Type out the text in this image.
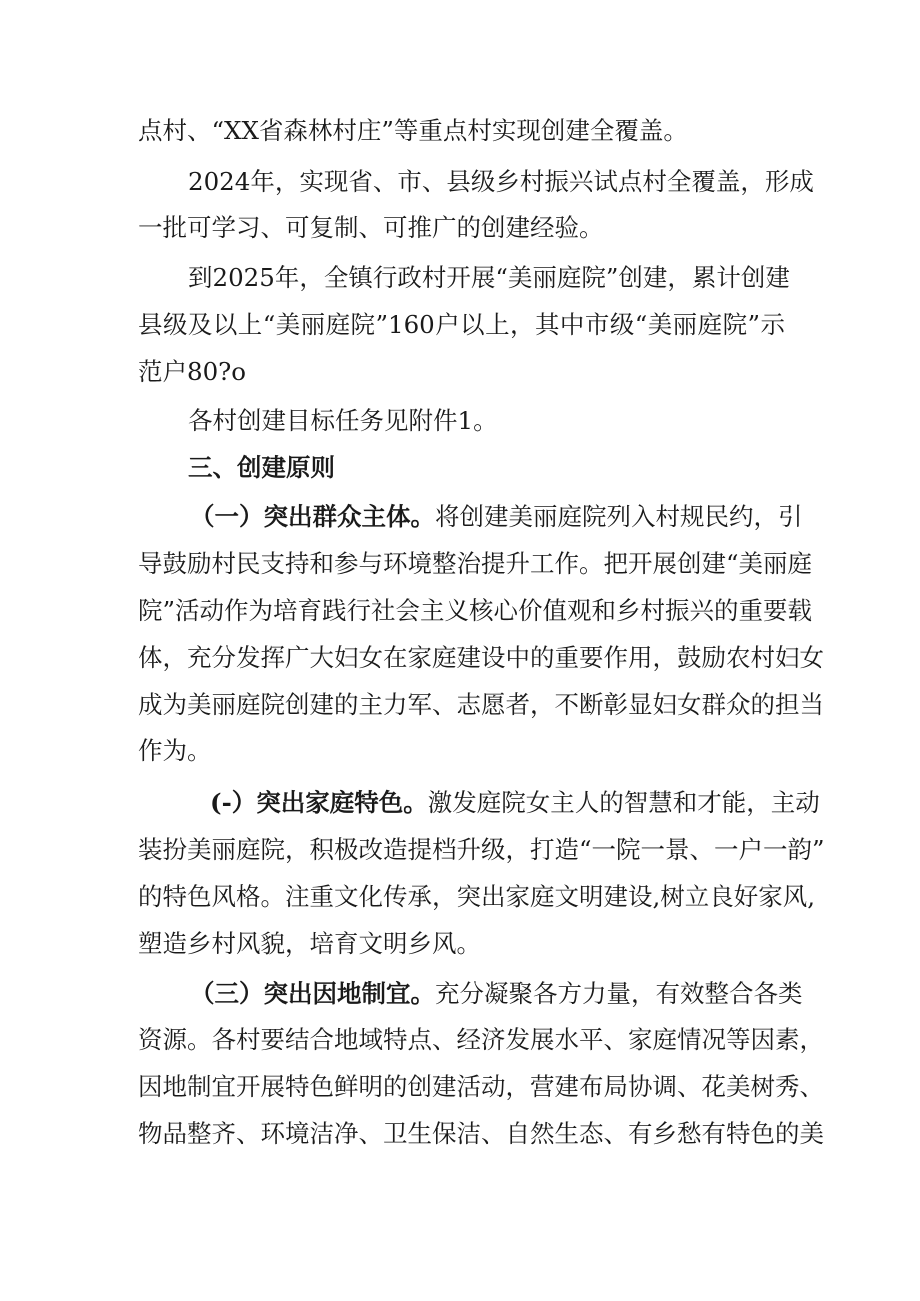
点村、“XX省森林村庄”等重点村实现创建全覆盖。
2024年，实现省、市、县级乡村振兴试点村全覆盖，形成
一批可学习、可复制、可推广的创建经验。
到2025年，全镇行政村开展“美丽庭院”创建，累计创建
县级及以上“美丽庭院”160户以上，其中市级“美丽庭院”示
范户80?o
各村创建目标任务见附件1。
三、创建原则
（一）突出群众主体。 将创建美丽庭院列入村规民约，引
导鼓励村民支持和参与环境整治提升工作。把开展创建“美丽庭
院”活动作为培育践行社会主义核心价值观和乡村振兴的重要载
体，充分发挥广大妇女在家庭建设中的重要作用，鼓励农村妇女
成为美丽庭院创建的主力军、志愿者，不断彰显妇女群众的担当
作为。
(-）突出家庭特色。 激发庭院女主人的智慧和才能，主动
装扮美丽庭院，积极改造提档升级，打造“一院一景、一户一韵”
的特色风格。注重文化传承，突出家庭文明建设,树立良好家风,
塑造乡村风貌，培育文明乡风。
（三）突出因地制宜。 充分凝聚各方力量，有效整合各类
资源。各村要结合地域特点、经济发展水平、家庭情况等因素，
因地制宜开展特色鲜明的创建活动，营建布局协调、花美树秀、
物品整齐、环境洁净、卫生保洁、自然生态、有乡愁有特色的美
